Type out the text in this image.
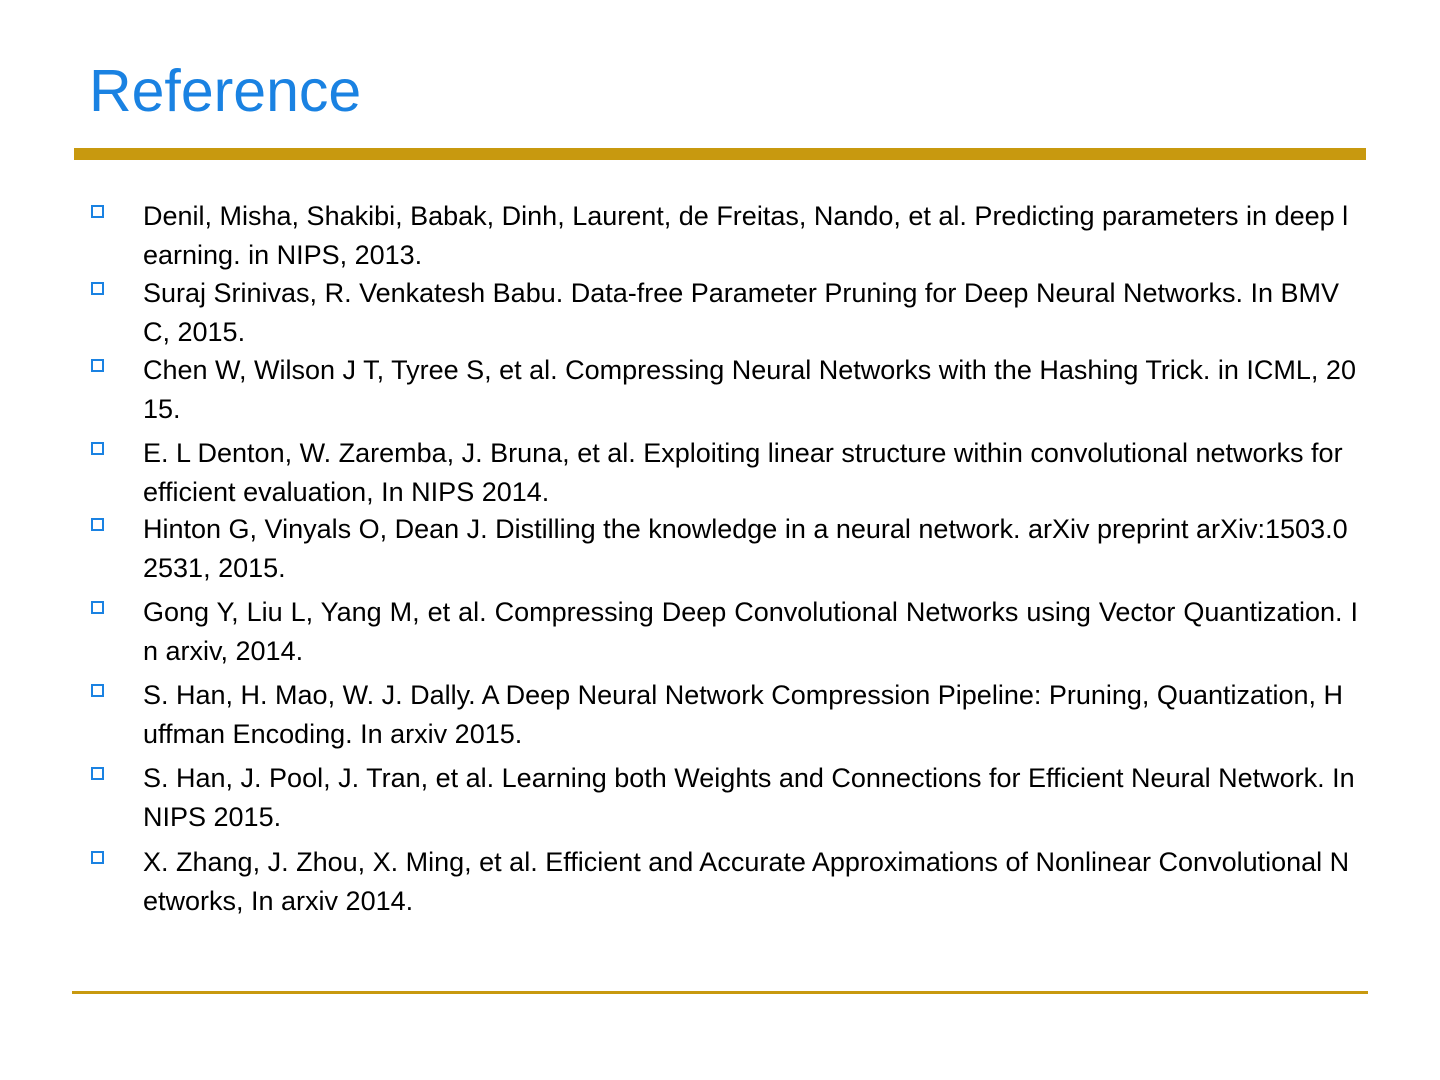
Reference

Denil, Misha, Shakibi, Babak, Dinh, Laurent, de Freitas, Nando, et al. Predicting parameters in deep learning. in NIPS, 2013.

Suraj Srinivas, R. Venkatesh Babu. Data-free Parameter Pruning for Deep Neural Networks. In BMVC, 2015.

Chen W, Wilson J T, Tyree S, et al. Compressing Neural Networks with the Hashing Trick. in ICML, 2015.

E. L Denton, W. Zaremba, J. Bruna, et al. Exploiting linear structure within convolutional networks for efficient evaluation, In NIPS 2014.

Hinton G, Vinyals O, Dean J. Distilling the knowledge in a neural network. arXiv preprint arXiv:1503.02531, 2015.

Gong Y, Liu L, Yang M, et al. Compressing Deep Convolutional Networks using Vector Quantization. In arxiv, 2014.

S. Han, H. Mao, W. J. Dally. A Deep Neural Network Compression Pipeline: Pruning, Quantization, Huffman Encoding. In arxiv 2015.

S. Han, J. Pool, J. Tran, et al. Learning both Weights and Connections for Efficient Neural Network. In NIPS 2015.

X. Zhang, J. Zhou, X. Ming, et al. Efficient and Accurate Approximations of Nonlinear Convolutional Networks, In arxiv 2014.
